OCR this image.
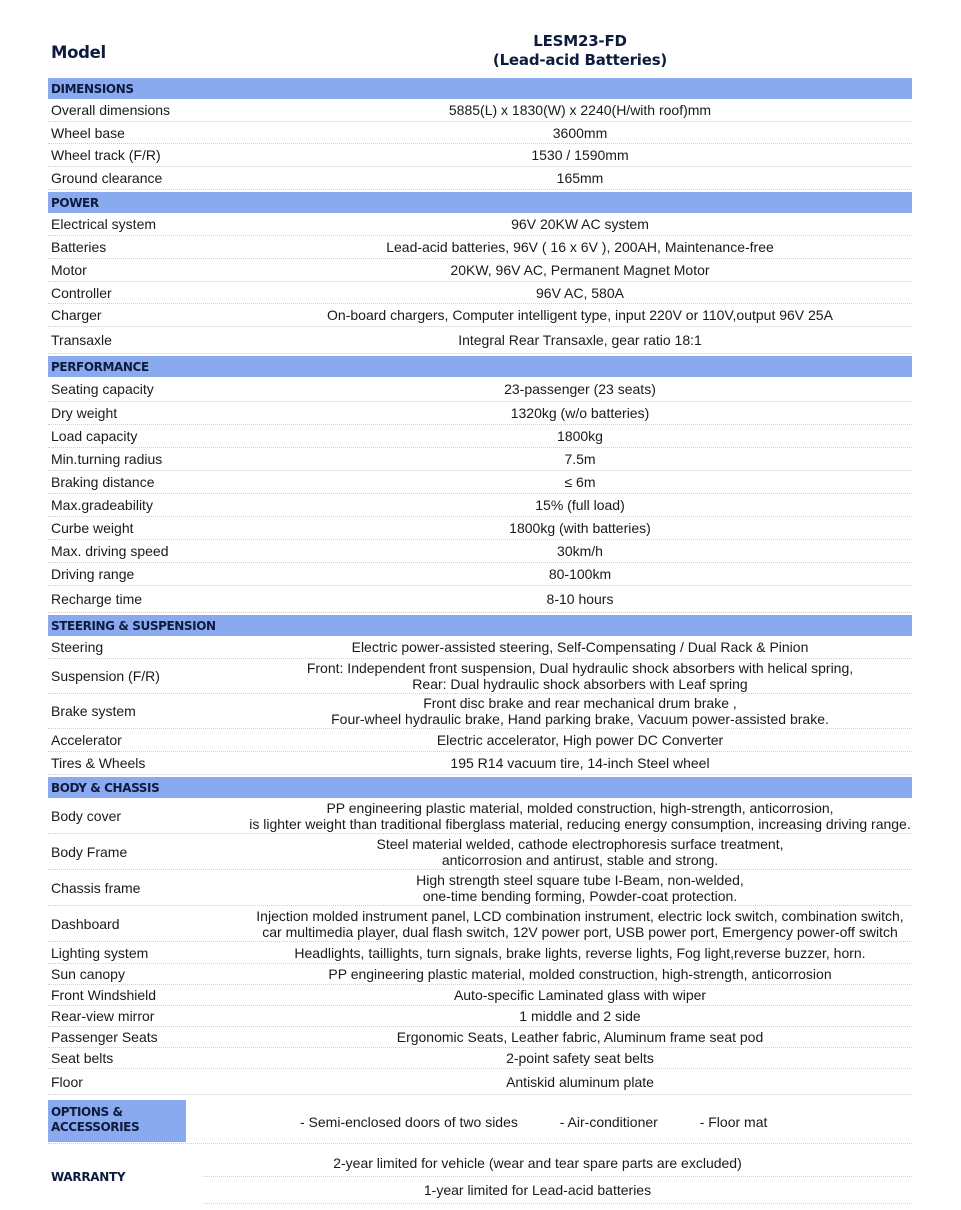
Model
LESM23-FD
(Lead-acid Batteries)
DIMENSIONS
Overall dimensions	5885(L) x 1830(W) x 2240(H/with roof)mm
Wheel base	3600mm
Wheel track (F/R)	1530 / 1590mm
Ground clearance	165mm
POWER
Electrical system	96V 20KW AC system
Batteries	Lead-acid batteries, 96V ( 16 x 6V ), 200AH, Maintenance-free
Motor	20KW, 96V AC, Permanent Magnet Motor
Controller	96V AC, 580A
Charger	On-board chargers, Computer intelligent type, input 220V or 110V,output 96V 25A
Transaxle	Integral Rear Transaxle, gear ratio 18:1
PERFORMANCE
Seating capacity	23-passenger (23 seats)
Dry weight	1320kg (w/o batteries)
Load capacity	1800kg
Min.turning radius	7.5m
Braking distance	≤ 6m
Max.gradeability	15% (full load)
Curbe weight	1800kg (with batteries)
Max. driving speed	30km/h
Driving range	80-100km
Recharge time	8-10 hours
STEERING & SUSPENSION
Steering	Electric power-assisted steering, Self-Compensating / Dual Rack & Pinion
Suspension (F/R)	Front: Independent front suspension, Dual hydraulic shock absorbers with helical spring,
Rear: Dual hydraulic shock absorbers with Leaf spring
Brake system	Front disc brake and rear mechanical drum brake ,
Four-wheel hydraulic brake, Hand parking brake, Vacuum power-assisted brake.
Accelerator	Electric accelerator, High power DC Converter
Tires & Wheels	195 R14 vacuum tire, 14-inch Steel wheel
BODY & CHASSIS
Body cover	PP engineering plastic material, molded construction, high-strength, anticorrosion,
is lighter weight than traditional fiberglass material, reducing energy consumption, increasing driving range.
Body Frame	Steel material welded, cathode electrophoresis surface treatment,
anticorrosion and antirust, stable and strong.
Chassis frame	High strength steel square tube I-Beam, non-welded,
one-time bending forming, Powder-coat protection.
Dashboard	Injection molded instrument panel, LCD combination instrument, electric lock switch, combination switch,
car multimedia player, dual flash switch, 12V power port, USB power port, Emergency power-off switch
Lighting system	Headlights, taillights, turn signals, brake lights, reverse lights, Fog light,reverse buzzer, horn.
Sun canopy	PP engineering plastic material, molded construction, high-strength, anticorrosion
Front Windshield	Auto-specific Laminated glass with wiper
Rear-view mirror	1 middle and 2 side
Passenger Seats	Ergonomic Seats, Leather fabric, Aluminum frame seat pod
Seat belts	2-point safety seat belts
Floor	Antiskid aluminum plate
OPTIONS &
ACCESSORIES	- Semi-enclosed doors of two sides	- Air-conditioner	- Floor mat
WARRANTY
2-year limited for vehicle (wear and tear spare parts are excluded)
1-year limited for Lead-acid batteries
